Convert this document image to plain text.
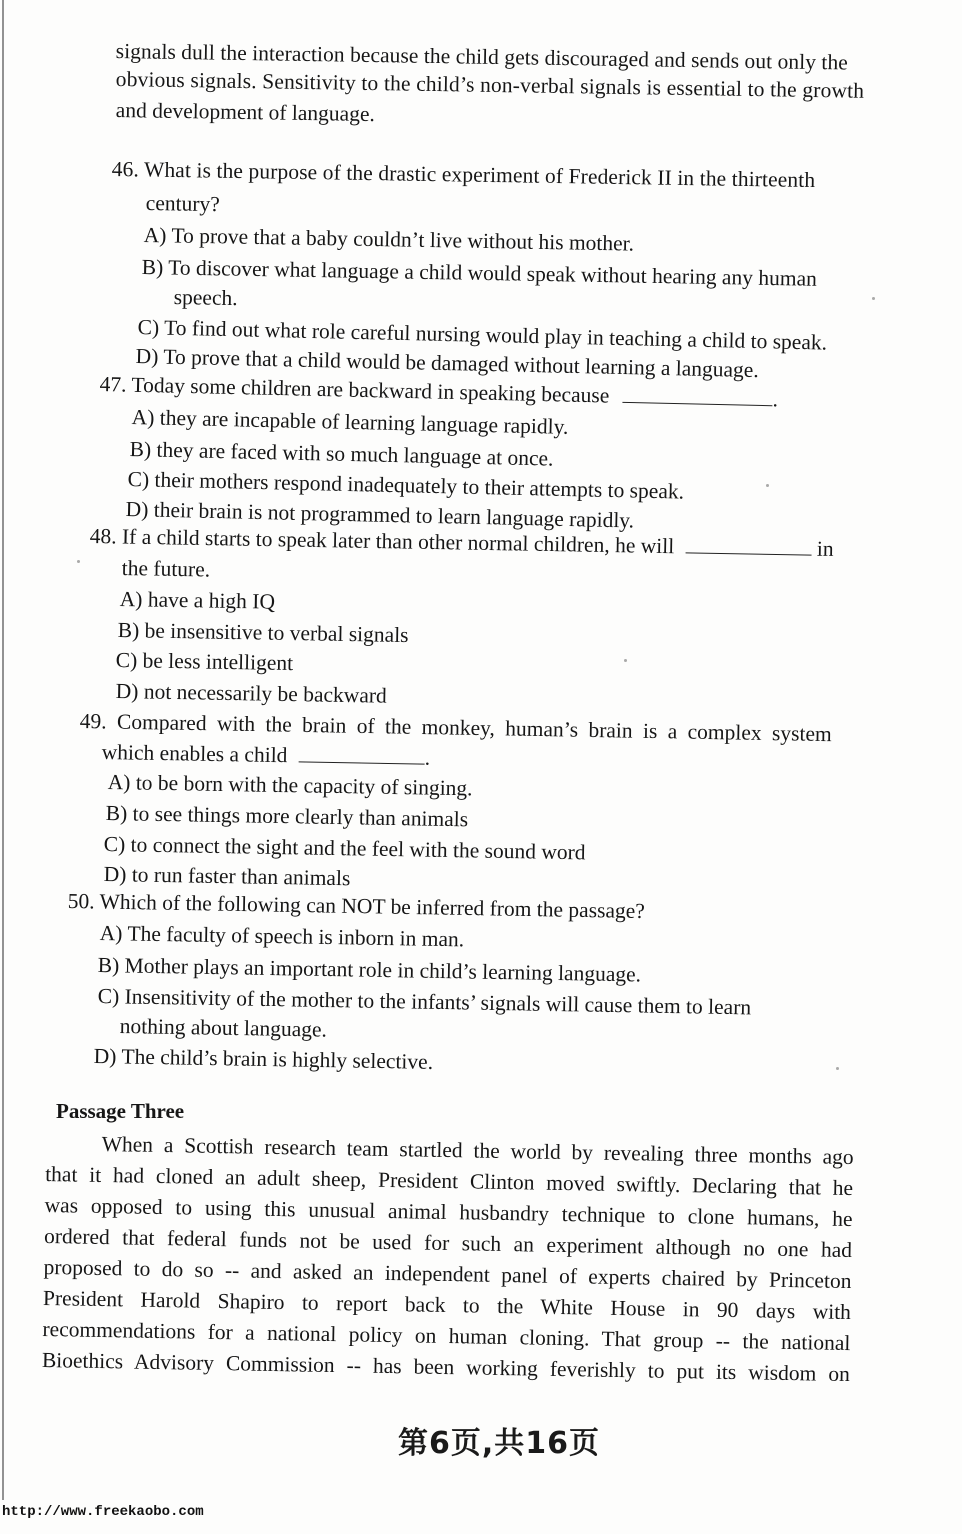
signals dull the interaction because the child gets discouraged and sends out only the
obvious signals. Sensitivity to the child’s non-verbal signals is essential to the growth
and development of language.
46. What is the purpose of the drastic experiment of Frederick II in the thirteenth
century?
A) To prove that a baby couldn’t live without his mother.
B) To discover what language a child would speak without hearing any human
speech.
C) To find out what role careful nursing would play in teaching a child to speak.
D) To prove that a child would be damaged without learning a language.
47. Today some children are backward in speaking because	.
A) they are incapable of learning language rapidly.
B) they are faced with so much language at once.
C) their mothers respond inadequately to their attempts to speak.
D) their brain is not programmed to learn language rapidly.
48. If a child starts to speak later than other normal children, he will	in
the future.
A) have a high IQ
B) be insensitive to verbal signals
C) be less intelligent
D) not necessarily be backward
49. Compared with the brain of the monkey, human’s brain is a complex system
which enables a child	.
A) to be born with the capacity of singing.
B) to see things more clearly than animals
C) to connect the sight and the feel with the sound word
D) to run faster than animals
50. Which of the following can NOT be inferred from the passage?
A) The faculty of speech is inborn in man.
B) Mother plays an important role in child’s learning language.
C) Insensitivity of the mother to the infants’ signals will cause them to learn
nothing about language.
D) The child’s brain is highly selective.
Passage Three
When a Scottish research team startled the world by revealing three months ago
that it had cloned an adult sheep, President Clinton moved swiftly. Declaring that he
was opposed to using this unusual animal husbandry technique to clone humans, he
ordered that federal funds not be used for such an experiment although no one had
proposed to do so -- and asked an independent panel of experts chaired by Princeton
President Harold Shapiro to report back to the White House in 90 days with
recommendations for a national policy on human cloning. That group -- the national
Bioethics Advisory Commission -- has been working feverishly to put its wisdom on
第6页,共16页
http://www.freekaobo.com
